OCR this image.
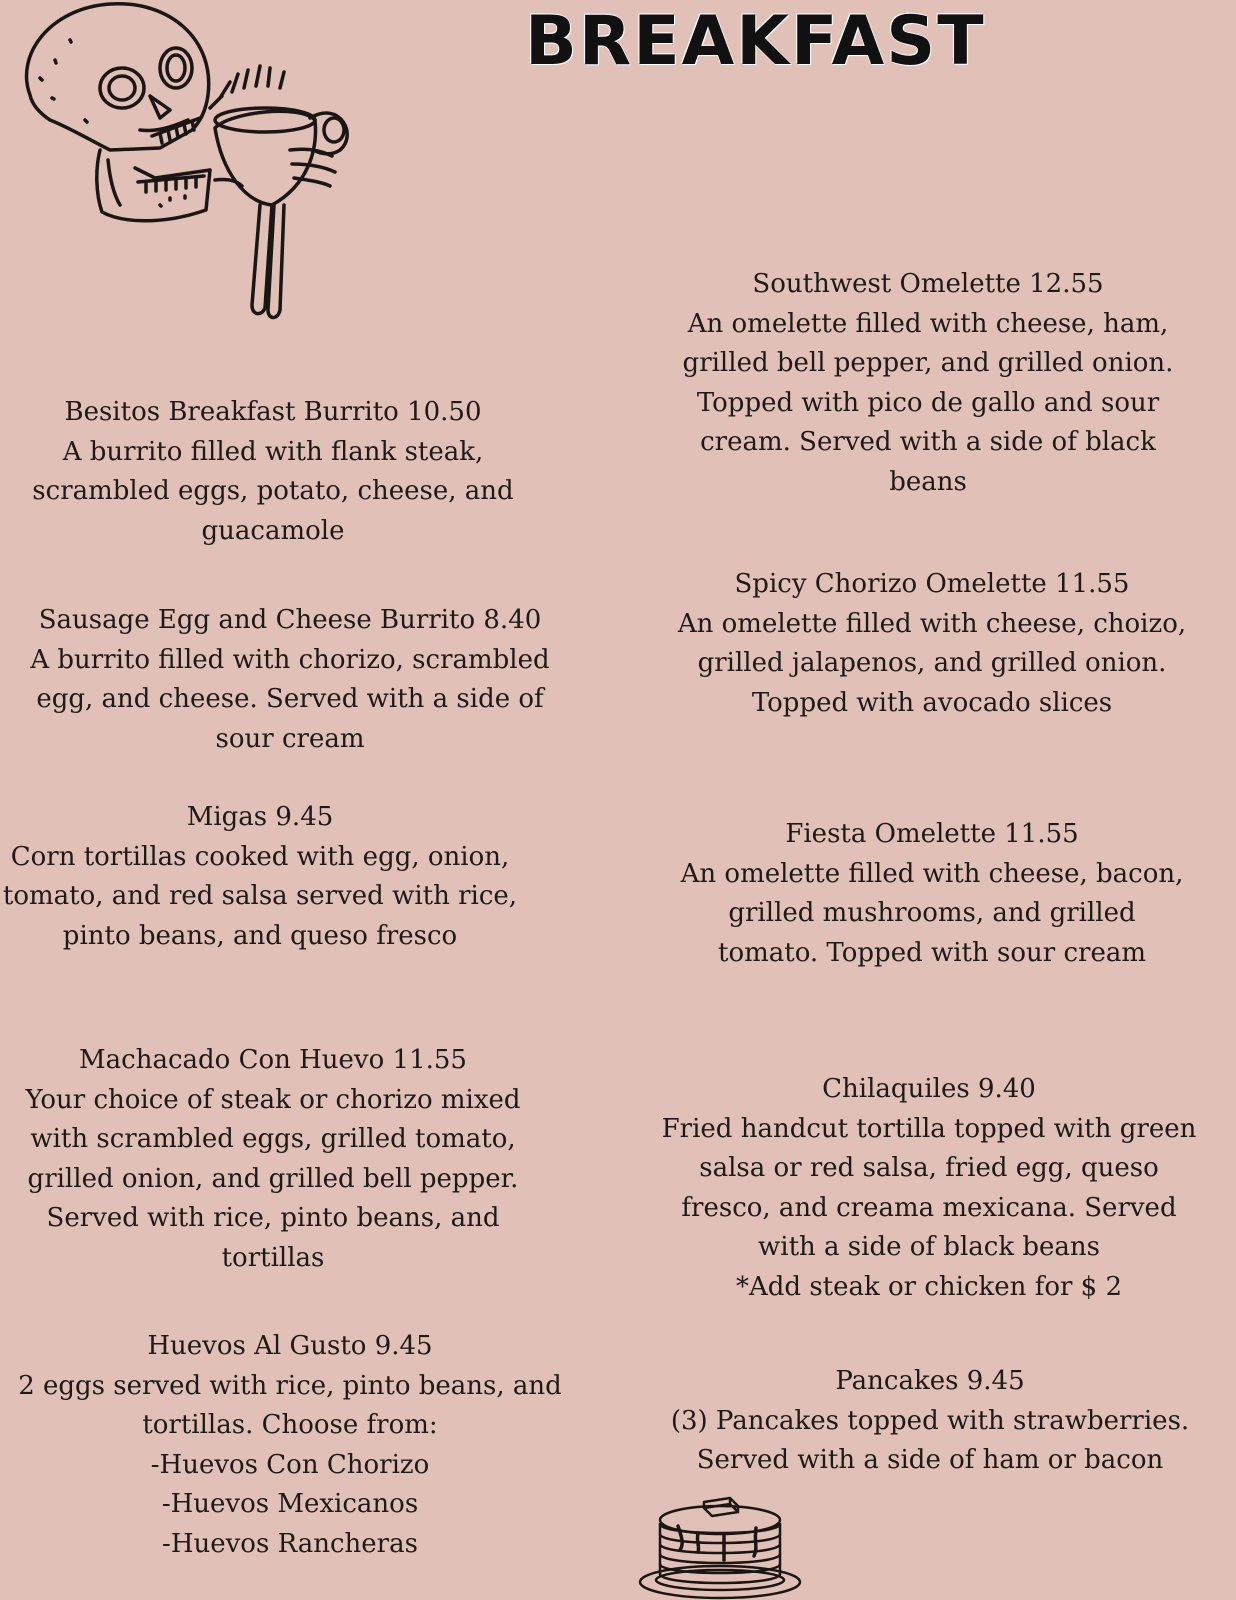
BREAKFAST
Besitos Breakfast Burrito 10.50
A burrito filled with flank steak, scrambled eggs, potato, cheese, and guacamole
Sausage Egg and Cheese Burrito 8.40
A burrito filled with chorizo, scrambled egg, and cheese. Served with a side of sour cream
Migas 9.45
Corn tortillas cooked with egg, onion, tomato, and red salsa served with rice, pinto beans, and queso fresco
Machacado Con Huevo 11.55
Your choice of steak or chorizo mixed with scrambled eggs, grilled tomato, grilled onion, and grilled bell pepper. Served with rice, pinto beans, and tortillas
Huevos Al Gusto 9.45
2 eggs served with rice, pinto beans, and tortillas. Choose from:
-Huevos Con Chorizo
-Huevos Mexicanos
-Huevos Rancheras
Southwest Omelette 12.55
An omelette filled with cheese, ham, grilled bell pepper, and grilled onion. Topped with pico de gallo and sour cream. Served with a side of black beans
Spicy Chorizo Omelette 11.55
An omelette filled with cheese, choizo, grilled jalapenos, and grilled onion. Topped with avocado slices
Fiesta Omelette 11.55
An omelette filled with cheese, bacon, grilled mushrooms, and grilled tomato. Topped with sour cream
Chilaquiles 9.40
Fried handcut tortilla topped with green salsa or red salsa, fried egg, queso fresco, and creama mexicana. Served with a side of black beans
*Add steak or chicken for $ 2
Pancakes 9.45
(3) Pancakes topped with strawberries. Served with a side of ham or bacon
